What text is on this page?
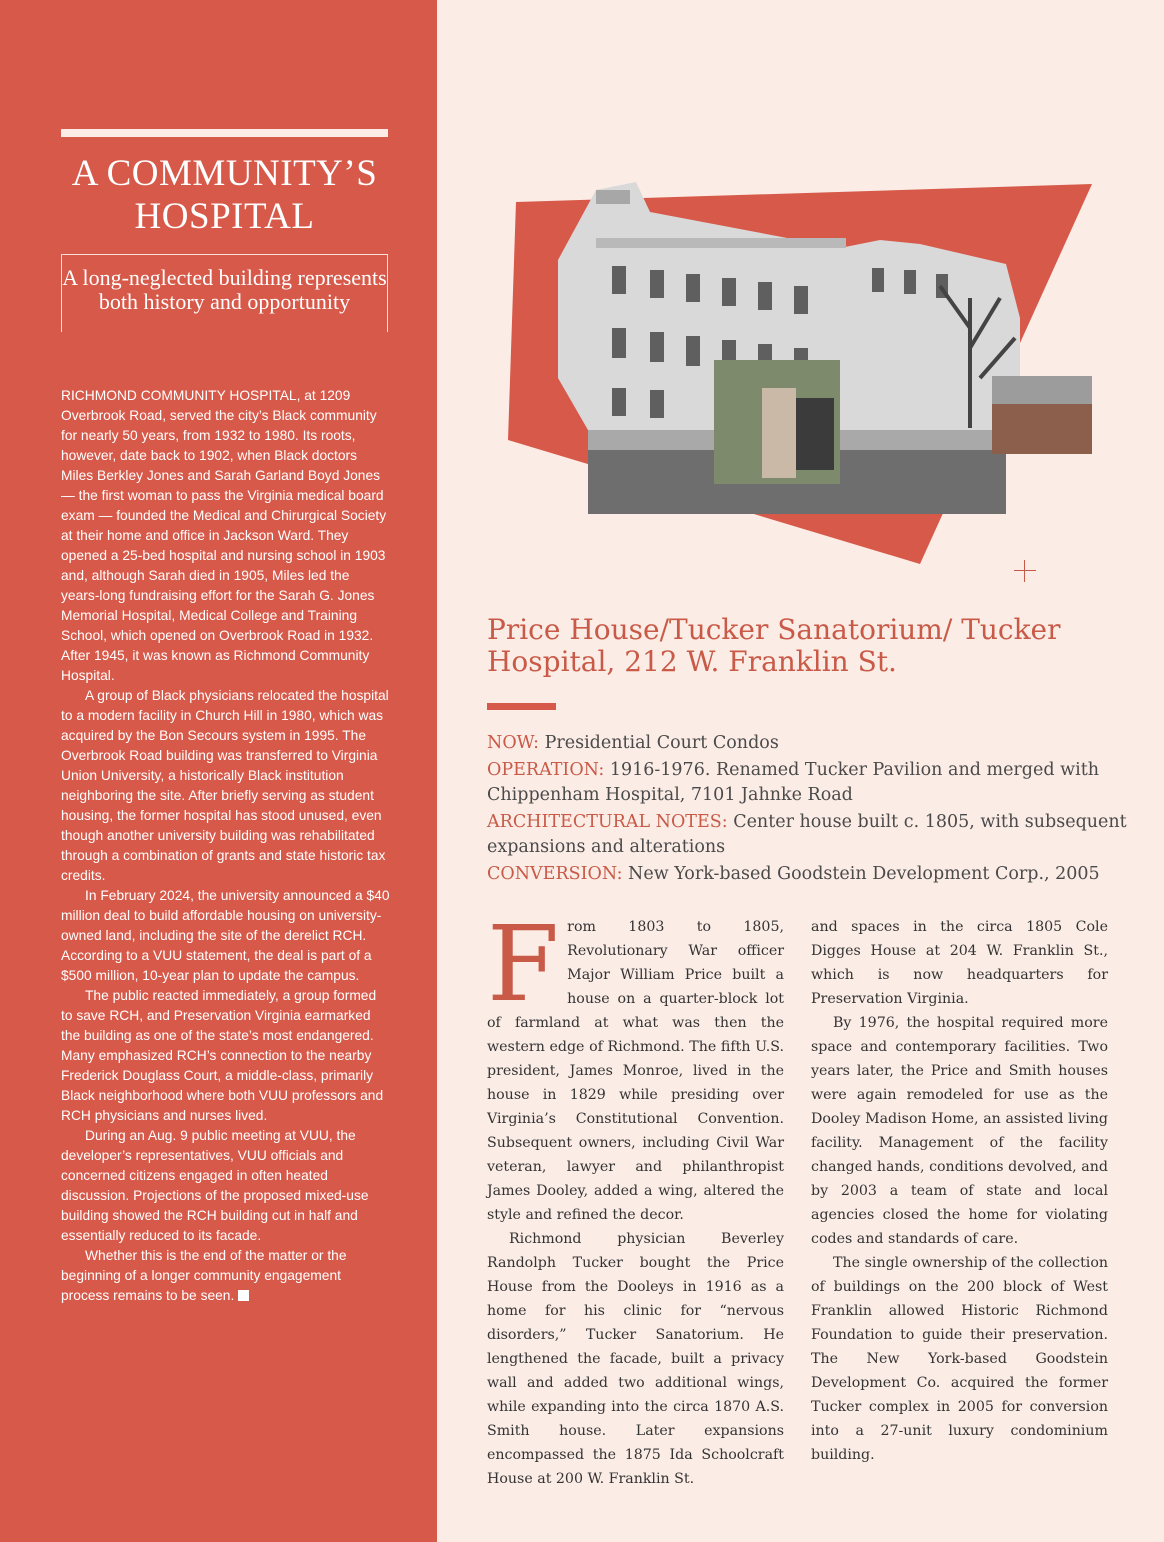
A COMMUNITY’S HOSPITAL
A long-neglected building represents both history and opportunity

RICHMOND COMMUNITY HOSPITAL, at 1209 Overbrook Road, served the city’s Black community for nearly 50 years, from 1932 to 1980. Its roots, however, date back to 1902, when Black doctors Miles Berkley Jones and Sarah Garland Boyd Jones — the first woman to pass the Virginia medical board exam — founded the Medical and Chirurgical Society at their home and office in Jackson Ward. They opened a 25-bed hospital and nursing school in 1903 and, although Sarah died in 1905, Miles led the years-long fundraising effort for the Sarah G. Jones Memorial Hospital, Medical College and Training School, which opened on Overbrook Road in 1932. After 1945, it was known as Richmond Community Hospital.

A group of Black physicians relocated the hospital to a modern facility in Church Hill in 1980, which was acquired by the Bon Secours system in 1995. The Overbrook Road building was transferred to Virginia Union University, a historically Black institution neighboring the site. After briefly serving as student housing, the former hospital has stood unused, even though another university building was rehabilitated through a combination of grants and state historic tax credits.

In February 2024, the university announced a $40 million deal to build affordable housing on university-owned land, including the site of the derelict RCH. According to a VUU statement, the deal is part of a $500 million, 10-year plan to update the campus.

The public reacted immediately, a group formed to save RCH, and Preservation Virginia earmarked the building as one of the state’s most endangered. Many emphasized RCH’s connection to the nearby Frederick Douglass Court, a middle-class, primarily Black neighborhood where both VUU professors and RCH physicians and nurses lived.

During an Aug. 9 public meeting at VUU, the developer’s representatives, VUU officials and concerned citizens engaged in often heated discussion. Projections of the proposed mixed-use building showed the RCH building cut in half and essentially reduced to its facade.

Whether this is the end of the matter or the beginning of a longer community engagement process remains to be seen.

Price House/Tucker Sanatorium/ Tucker Hospital, 212 W. Franklin St.

NOW: Presidential Court Condos

OPERATION: 1916-1976. Renamed Tucker Pavilion and merged with Chippenham Hospital, 7101 Jahnke Road

ARCHITECTURAL NOTES: Center house built c. 1805, with subsequent expansions and alterations

CONVERSION: New York-based Goodstein Development Corp., 2005

From 1803 to 1805, Revolutionary War officer Major William Price built a house on a quarter-block lot of farmland at what was then the western edge of Richmond. The fifth U.S. president, James Monroe, lived in the house in 1829 while presiding over Virginia’s Constitutional Convention. Subsequent owners, including Civil War veteran, lawyer and philanthropist James Dooley, added a wing, altered the style and refined the decor.

Richmond physician Beverley Randolph Tucker bought the Price House from the Dooleys in 1916 as a home for his clinic for “nervous disorders,” Tucker Sanatorium. He lengthened the facade, built a privacy wall and added two additional wings, while expanding into the circa 1870 A.S. Smith house. Later expansions encompassed the 1875 Ida Schoolcraft House at 200 W. Franklin St.

and spaces in the circa 1805 Cole Digges House at 204 W. Franklin St., which is now headquarters for Preservation Virginia.

By 1976, the hospital required more space and contemporary facilities. Two years later, the Price and Smith houses were again remodeled for use as the Dooley Madison Home, an assisted living facility. Management of the facility changed hands, conditions devolved, and by 2003 a team of state and local agencies closed the home for violating codes and standards of care.

The single ownership of the collection of buildings on the 200 block of West Franklin allowed Historic Richmond Foundation to guide their preservation. The New York-based Goodstein Development Co. acquired the former Tucker complex in 2005 for conversion into a 27-unit luxury condominium building.
